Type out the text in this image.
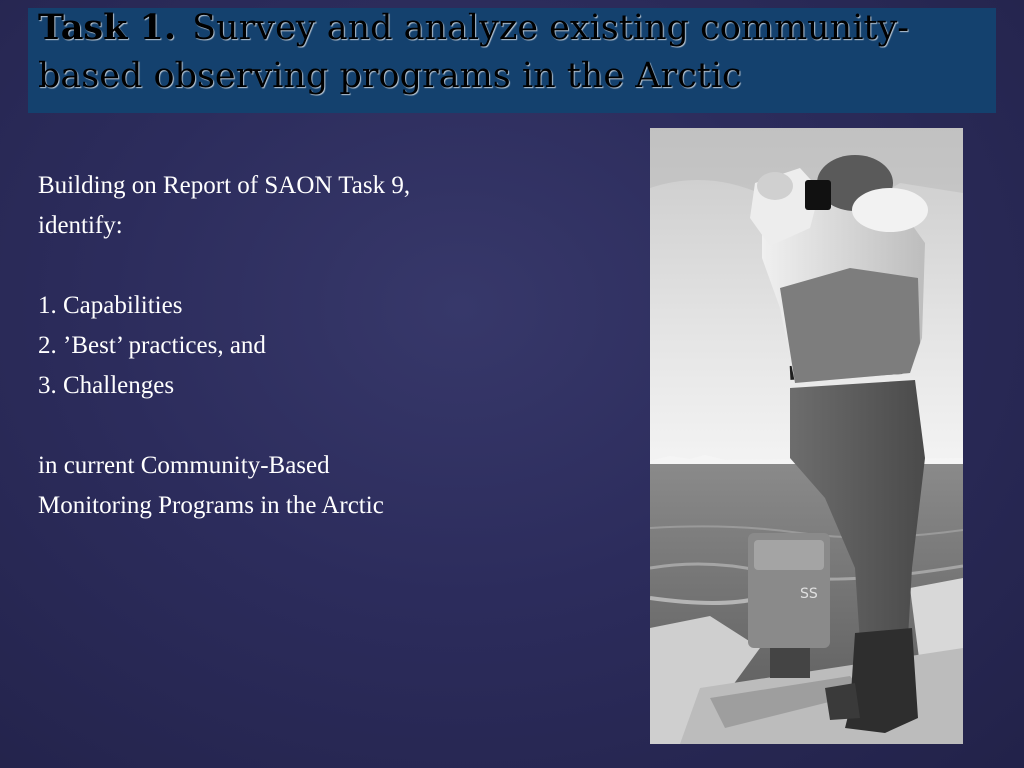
Task 1. Survey and analyze existing community-based observing programs in the Arctic
Building on Report of SAON Task 9,
identify:
1. Capabilities
2. ’Best’ practices, and
3. Challenges
in current Community-Based
Monitoring Programs in the Arctic
SS
